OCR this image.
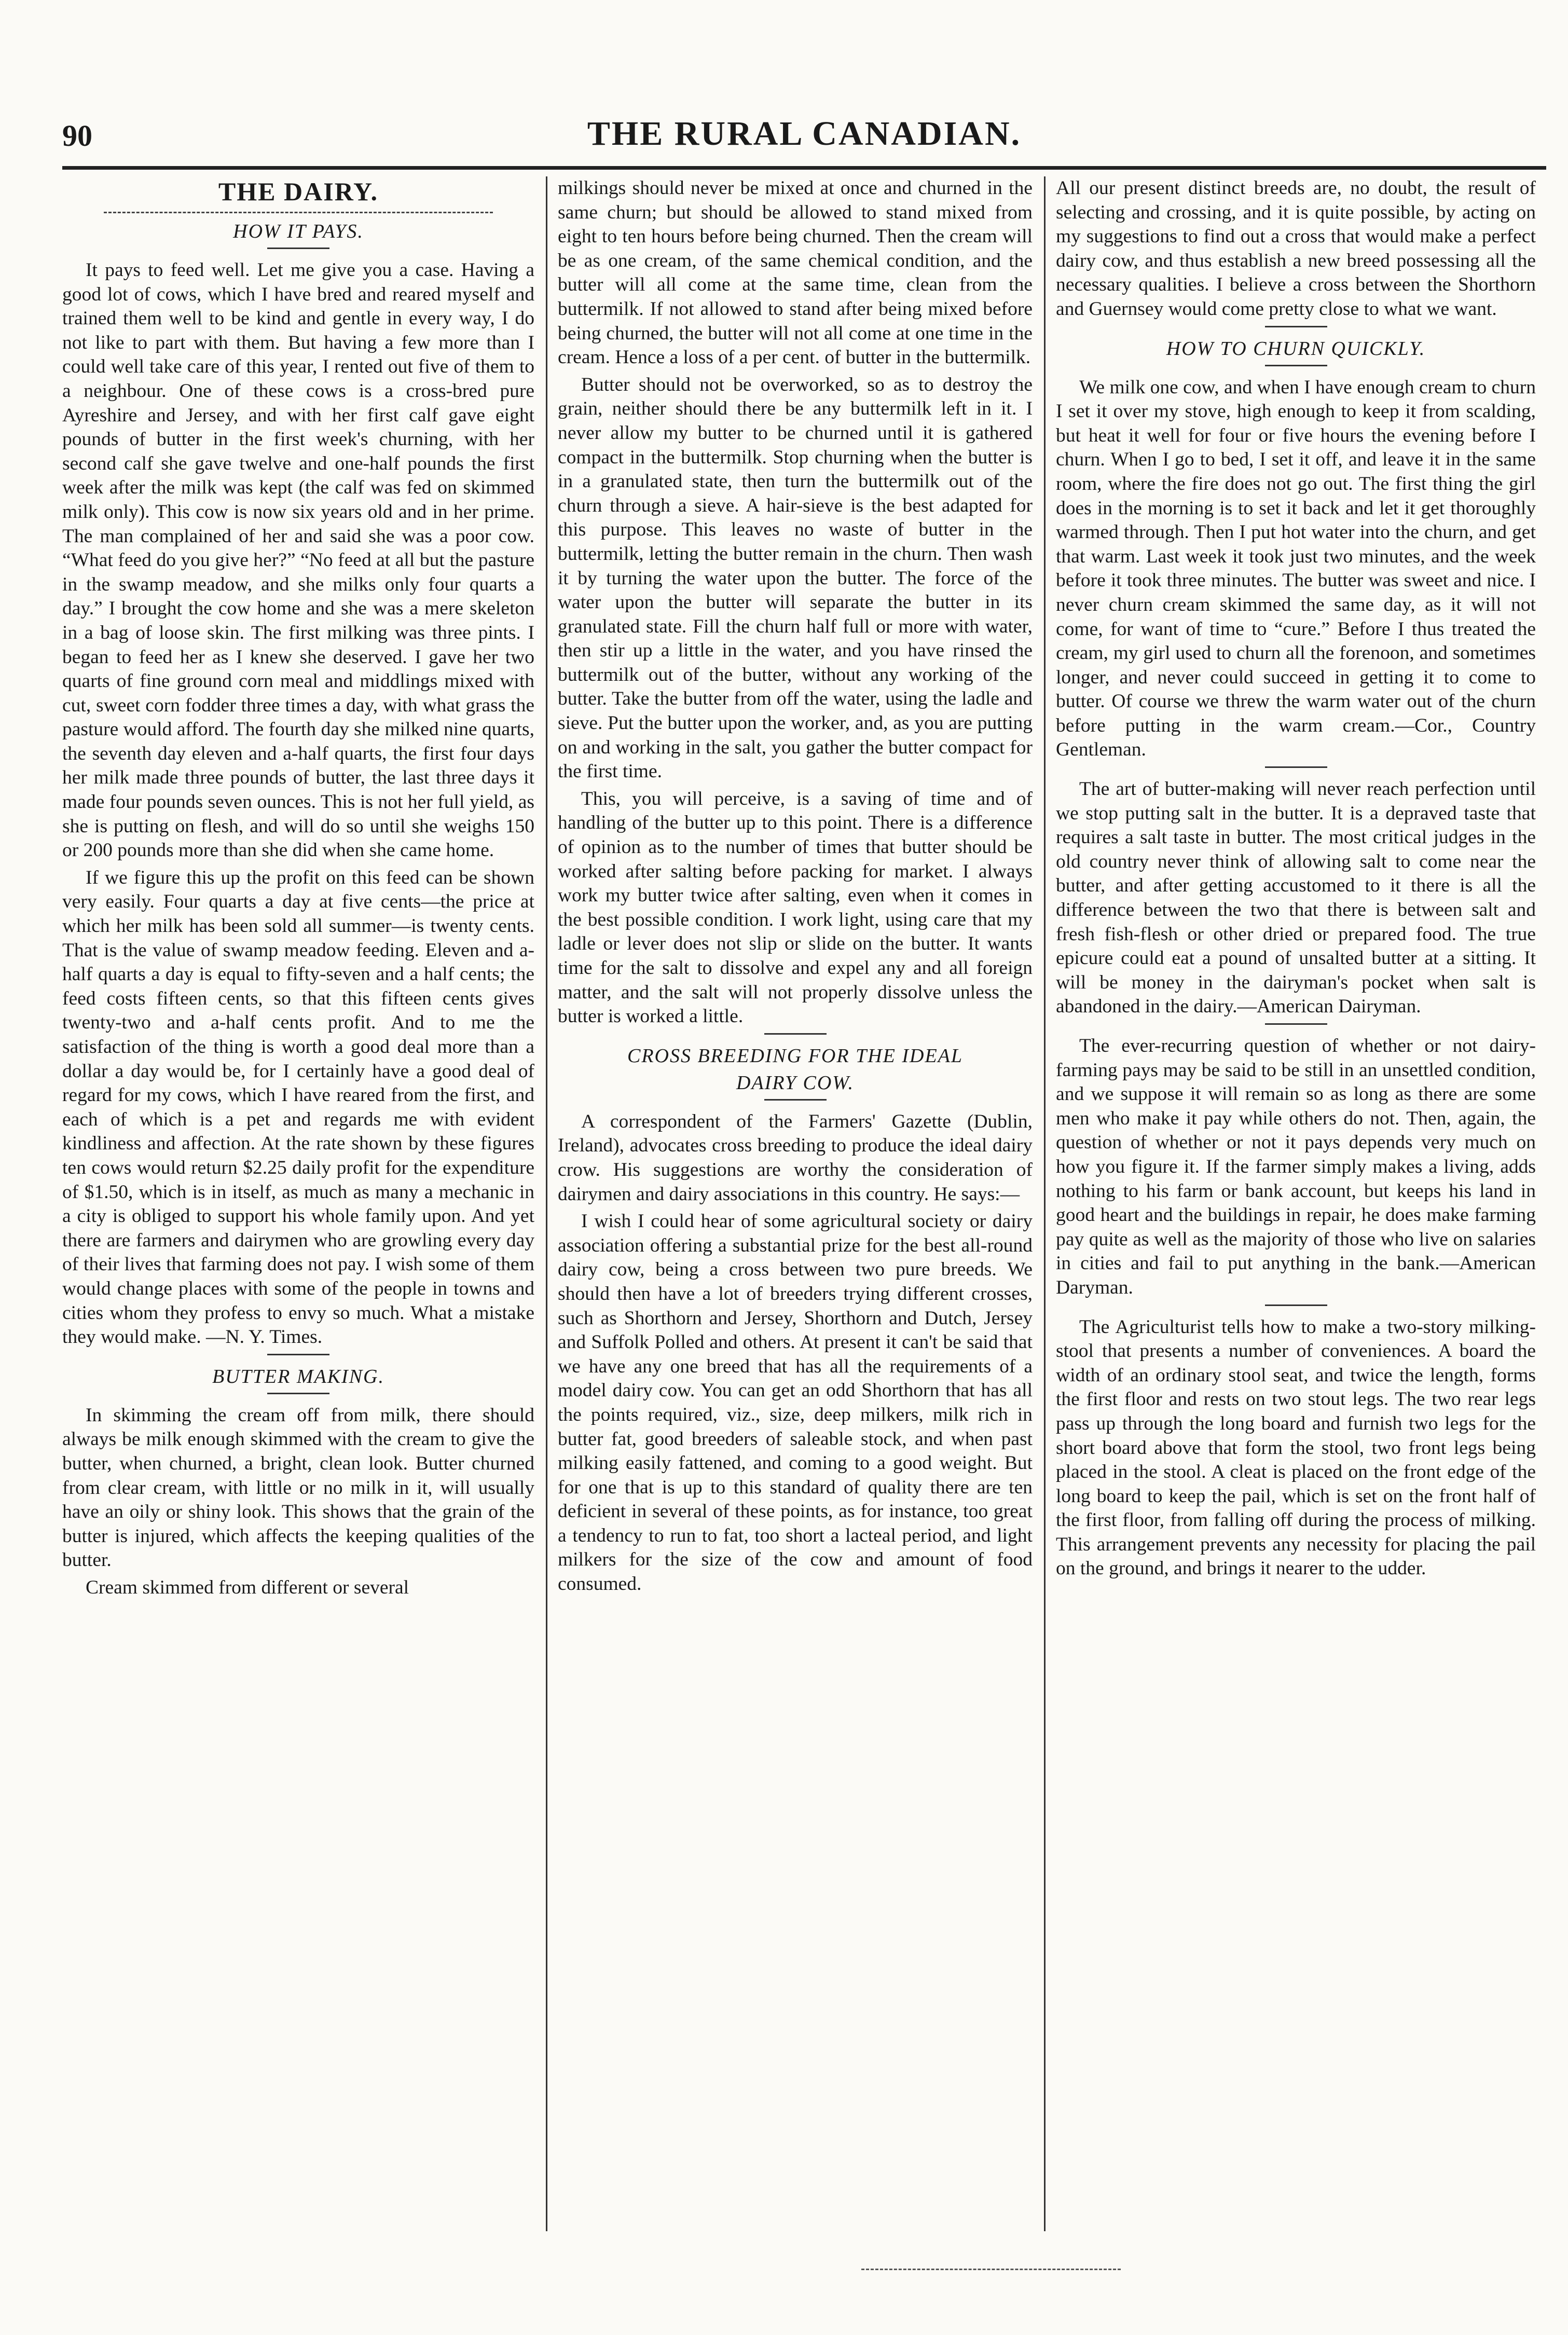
90	THE RURAL CANADIAN.
THE DAIRY.
HOW IT PAYS.

It pays to feed well. Let me give you a case. Having a good lot of cows, which I have bred and reared myself and trained them well to be kind and gentle in every way, I do not like to part with them. But having a few more than I could well take care of this year, I rented out five of them to a neighbour. One of these cows is a cross-bred pure Ayreshire and Jersey, and with her first calf gave eight pounds of butter in the first week's churning, with her second calf she gave twelve and one-half pounds the first week after the milk was kept (the calf was fed on skimmed milk only). This cow is now six years old and in her prime. The man complained of her and said she was a poor cow. “What feed do you give her?” “No feed at all but the pasture in the swamp meadow, and she milks only four quarts a day.” I brought the cow home and she was a mere skeleton in a bag of loose skin. The first milking was three pints. I began to feed her as I knew she deserved. I gave her two quarts of fine ground corn meal and middlings mixed with cut, sweet corn fodder three times a day, with what grass the pasture would afford. The fourth day she milked nine quarts, the seventh day eleven and a-half quarts, the first four days her milk made three pounds of butter, the last three days it made four pounds seven ounces. This is not her full yield, as she is putting on flesh, and will do so until she weighs 150 or 200 pounds more than she did when she came home.

If we figure this up the profit on this feed can be shown very easily. Four quarts a day at five cents—the price at which her milk has been sold all summer—is twenty cents. That is the value of swamp meadow feeding. Eleven and a-half quarts a day is equal to fifty-seven and a half cents; the feed costs fifteen cents, so that this fifteen cents gives twenty-two and a-half cents profit. And to me the satisfaction of the thing is worth a good deal more than a dollar a day would be, for I certainly have a good deal of regard for my cows, which I have reared from the first, and each of which is a pet and regards me with evident kindliness and affection. At the rate shown by these figures ten cows would return $2.25 daily profit for the expenditure of $1.50, which is in itself, as much as many a mechanic in a city is obliged to support his whole family upon. And yet there are farmers and dairymen who are growling every day of their lives that farming does not pay. I wish some of them would change places with some of the people in towns and cities whom they profess to envy so much. What a mistake they would make. —N. Y. Times.

BUTTER MAKING.

In skimming the cream off from milk, there should always be milk enough skimmed with the cream to give the butter, when churned, a bright, clean look. Butter churned from clear cream, with little or no milk in it, will usually have an oily or shiny look. This shows that the grain of the butter is injured, which affects the keeping qualities of the butter.

Cream skimmed from different or several

milkings should never be mixed at once and churned in the same churn; but should be allowed to stand mixed from eight to ten hours before being churned. Then the cream will be as one cream, of the same chemical condition, and the butter will all come at the same time, clean from the buttermilk. If not allowed to stand after being mixed before being churned, the butter will not all come at one time in the cream. Hence a loss of a per cent. of butter in the buttermilk.

Butter should not be overworked, so as to destroy the grain, neither should there be any buttermilk left in it. I never allow my butter to be churned until it is gathered compact in the buttermilk. Stop churning when the butter is in a granulated state, then turn the buttermilk out of the churn through a sieve. A hair-sieve is the best adapted for this purpose. This leaves no waste of butter in the buttermilk, letting the butter remain in the churn. Then wash it by turning the water upon the butter. The force of the water upon the butter will separate the butter in its granulated state. Fill the churn half full or more with water, then stir up a little in the water, and you have rinsed the buttermilk out of the butter, without any working of the butter. Take the butter from off the water, using the ladle and sieve. Put the butter upon the worker, and, as you are putting on and working in the salt, you gather the butter compact for the first time.

This, you will perceive, is a saving of time and of handling of the butter up to this point. There is a difference of opinion as to the number of times that butter should be worked after salting before packing for market. I always work my butter twice after salting, even when it comes in the best possible condition. I work light, using care that my ladle or lever does not slip or slide on the butter. It wants time for the salt to dissolve and expel any and all foreign matter, and the salt will not properly dissolve unless the butter is worked a little.

CROSS BREEDING FOR THE IDEAL
DAIRY COW.

A correspondent of the Farmers' Gazette (Dublin, Ireland), advocates cross breeding to produce the ideal dairy crow. His suggestions are worthy the consideration of dairymen and dairy associations in this country. He says:—

I wish I could hear of some agricultural society or dairy association offering a substantial prize for the best all-round dairy cow, being a cross between two pure breeds. We should then have a lot of breeders trying different crosses, such as Shorthorn and Jersey, Shorthorn and Dutch, Jersey and Suffolk Polled and others. At present it can't be said that we have any one breed that has all the requirements of a model dairy cow. You can get an odd Shorthorn that has all the points required, viz., size, deep milkers, milk rich in butter fat, good breeders of saleable stock, and when past milking easily fattened, and coming to a good weight. But for one that is up to this standard of quality there are ten deficient in several of these points, as for instance, too great a tendency to run to fat, too short a lacteal period, and light milkers for the size of the cow and amount of food consumed.

All our present distinct breeds are, no doubt, the result of selecting and crossing, and it is quite possible, by acting on my suggestions to find out a cross that would make a perfect dairy cow, and thus establish a new breed possessing all the necessary qualities. I believe a cross between the Shorthorn and Guernsey would come pretty close to what we want.

HOW TO CHURN QUICKLY.

We milk one cow, and when I have enough cream to churn I set it over my stove, high enough to keep it from scalding, but heat it well for four or five hours the evening before I churn. When I go to bed, I set it off, and leave it in the same room, where the fire does not go out. The first thing the girl does in the morning is to set it back and let it get thoroughly warmed through. Then I put hot water into the churn, and get that warm. Last week it took just two minutes, and the week before it took three minutes. The butter was sweet and nice. I never churn cream skimmed the same day, as it will not come, for want of time to “cure.” Before I thus treated the cream, my girl used to churn all the forenoon, and sometimes longer, and never could succeed in getting it to come to butter. Of course we threw the warm water out of the churn before putting in the warm cream.—Cor., Country Gentleman.

The art of butter-making will never reach perfection until we stop putting salt in the butter. It is a depraved taste that requires a salt taste in butter. The most critical judges in the old country never think of allowing salt to come near the butter, and after getting accustomed to it there is all the difference between the two that there is between salt and fresh fish-flesh or other dried or prepared food. The true epicure could eat a pound of unsalted butter at a sitting. It will be money in the dairyman's pocket when salt is abandoned in the dairy.—American Dairyman.

The ever-recurring question of whether or not dairy-farming pays may be said to be still in an unsettled condition, and we suppose it will remain so as long as there are some men who make it pay while others do not. Then, again, the question of whether or not it pays depends very much on how you figure it. If the farmer simply makes a living, adds nothing to his farm or bank account, but keeps his land in good heart and the buildings in repair, he does make farming pay quite as well as the majority of those who live on salaries in cities and fail to put anything in the bank.—American Daryman.

The Agriculturist tells how to make a two-story milking-stool that presents a number of conveniences. A board the width of an ordinary stool seat, and twice the length, forms the first floor and rests on two stout legs. The two rear legs pass up through the long board and furnish two legs for the short board above that form the stool, two front legs being placed in the stool. A cleat is placed on the front edge of the long board to keep the pail, which is set on the front half of the first floor, from falling off during the process of milking. This arrangement prevents any necessity for placing the pail on the ground, and brings it nearer to the udder.
